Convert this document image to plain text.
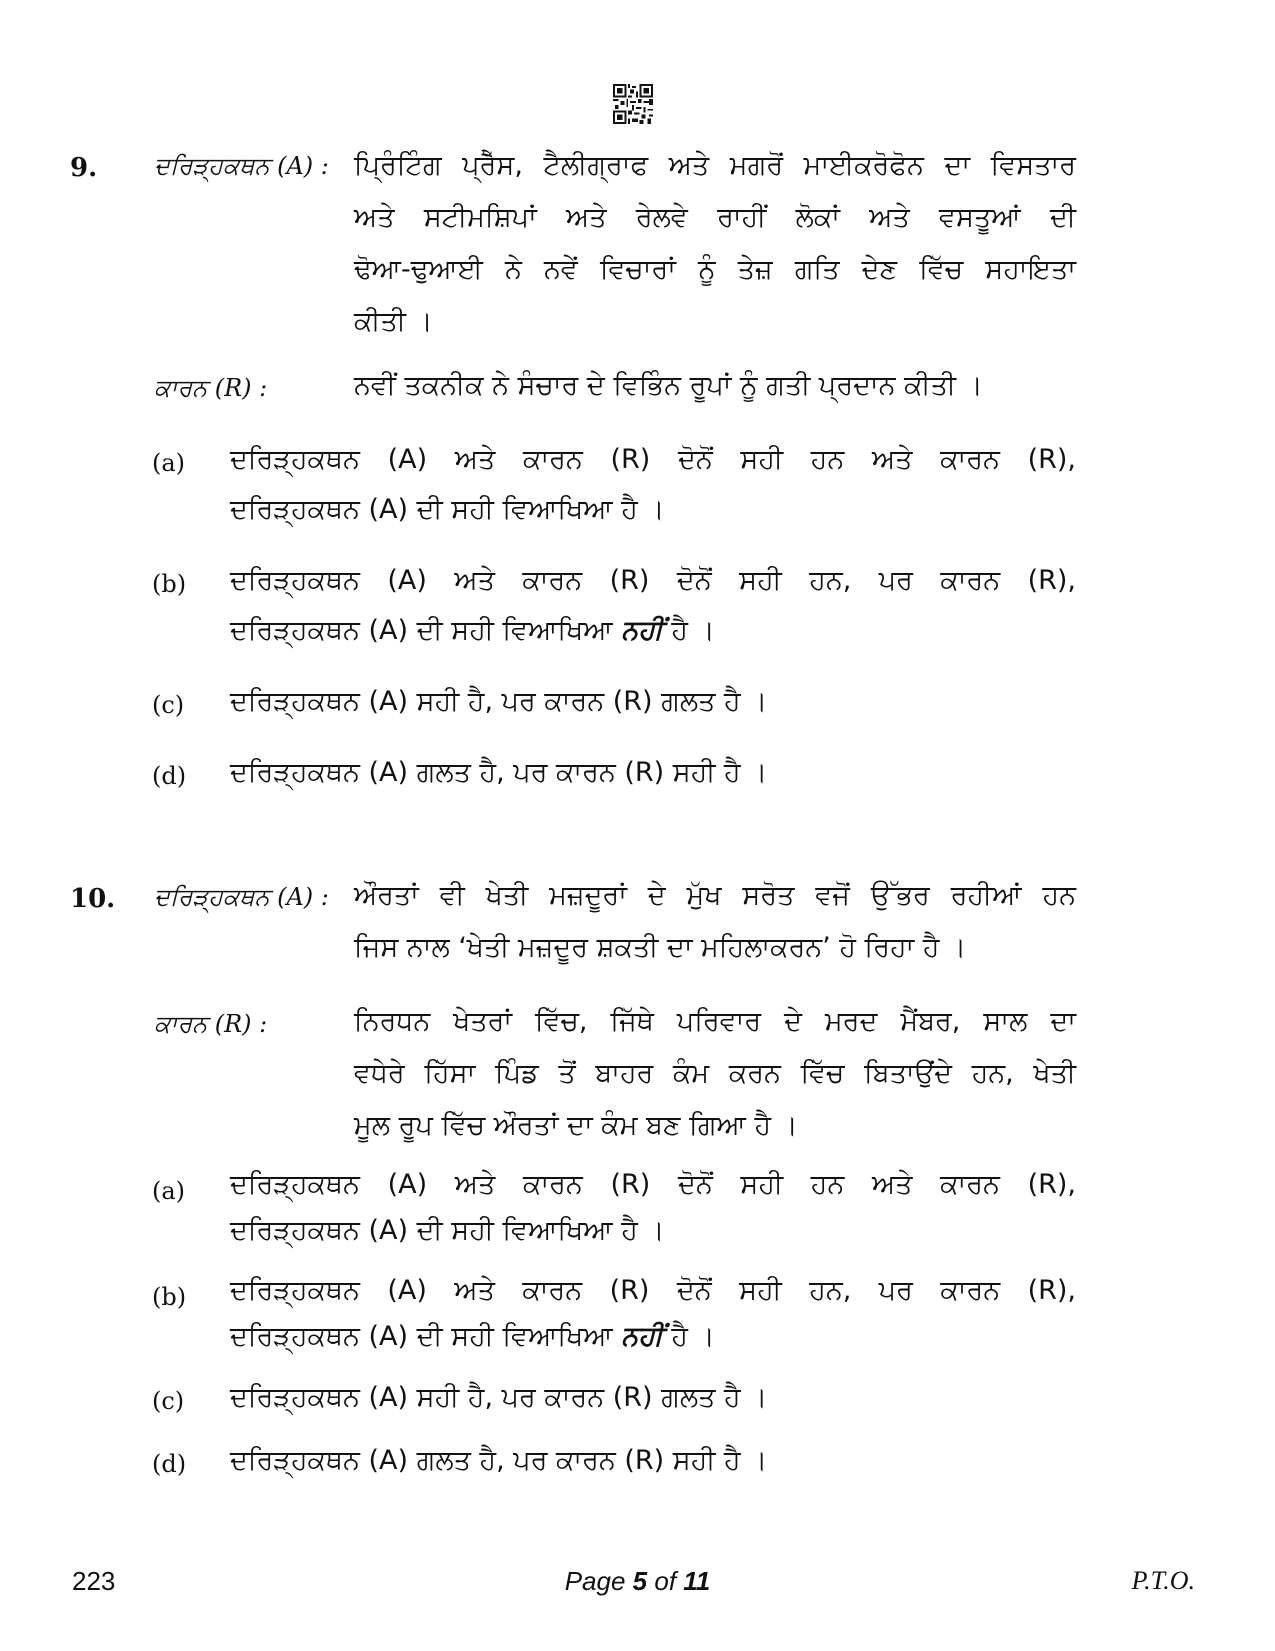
9. ਦਰਿੜ੍ਹਕਥਨ (A) : ਪ੍ਰਿੰਟਿੰਗ ਪ੍ਰੈੱਸ, ਟੈਲੀਗ੍ਰਾਫ ਅਤੇ ਮਗਰੋਂ ਮਾਈਕਰੋਫੋਨ ਦਾ ਵਿਸਤਾਰ
ਅਤੇ ਸਟੀਮਸ਼ਿਪਾਂ ਅਤੇ ਰੇਲਵੇ ਰਾਹੀਂ ਲੋਕਾਂ ਅਤੇ ਵਸਤੂਆਂ ਦੀ
ਢੋਆ-ਢੁਆਈ ਨੇ ਨਵੇਂ ਵਿਚਾਰਾਂ ਨੂੰ ਤੇਜ਼ ਗਤਿ ਦੇਣ ਵਿੱਚ ਸਹਾਇਤਾ
ਕੀਤੀ ।
ਕਾਰਨ (R) :	ਨਵੀਂ ਤਕਨੀਕ ਨੇ ਸੰਚਾਰ ਦੇ ਵਿਭਿੰਨ ਰੂਪਾਂ ਨੂੰ ਗਤੀ ਪ੍ਰਦਾਨ ਕੀਤੀ ।
(a) ਦਰਿੜ੍ਹਕਥਨ (A) ਅਤੇ ਕਾਰਨ (R) ਦੋਨੋਂ ਸਹੀ ਹਨ ਅਤੇ ਕਾਰਨ (R),
ਦਰਿੜ੍ਹਕਥਨ (A) ਦੀ ਸਹੀ ਵਿਆਖਿਆ ਹੈ ।
(b) ਦਰਿੜ੍ਹਕਥਨ (A) ਅਤੇ ਕਾਰਨ (R) ਦੋਨੋਂ ਸਹੀ ਹਨ, ਪਰ ਕਾਰਨ (R),
ਦਰਿੜ੍ਹਕਥਨ (A) ਦੀ ਸਹੀ ਵਿਆਖਿਆ ਨਹੀਂ ਹੈ ।
(c) ਦਰਿੜ੍ਹਕਥਨ (A) ਸਹੀ ਹੈ, ਪਰ ਕਾਰਨ (R) ਗਲਤ ਹੈ ।
(d) ਦਰਿੜ੍ਹਕਥਨ (A) ਗਲਤ ਹੈ, ਪਰ ਕਾਰਨ (R) ਸਹੀ ਹੈ ।
10. ਦਰਿੜ੍ਹਕਥਨ (A) : ਔਰਤਾਂ ਵੀ ਖੇਤੀ ਮਜ਼ਦੂਰਾਂ ਦੇ ਮੁੱਖ ਸਰੋਤ ਵਜੋਂ ਉੱਭਰ ਰਹੀਆਂ ਹਨ
ਜਿਸ ਨਾਲ ‘ਖੇਤੀ ਮਜ਼ਦੂਰ ਸ਼ਕਤੀ ਦਾ ਮਹਿਲਾਕਰਨ’ ਹੋ ਰਿਹਾ ਹੈ ।
ਕਾਰਨ (R) :	ਨਿਰਧਨ ਖੇਤਰਾਂ ਵਿੱਚ, ਜਿੱਥੇ ਪਰਿਵਾਰ ਦੇ ਮਰਦ ਮੈਂਬਰ, ਸਾਲ ਦਾ
ਵਧੇਰੇ ਹਿੱਸਾ ਪਿੰਡ ਤੋਂ ਬਾਹਰ ਕੰਮ ਕਰਨ ਵਿੱਚ ਬਿਤਾਉਂਦੇ ਹਨ, ਖੇਤੀ
ਮੂਲ ਰੂਪ ਵਿੱਚ ਔਰਤਾਂ ਦਾ ਕੰਮ ਬਣ ਗਿਆ ਹੈ ।
(a) ਦਰਿੜ੍ਹਕਥਨ (A) ਅਤੇ ਕਾਰਨ (R) ਦੋਨੋਂ ਸਹੀ ਹਨ ਅਤੇ ਕਾਰਨ (R),
ਦਰਿੜ੍ਹਕਥਨ (A) ਦੀ ਸਹੀ ਵਿਆਖਿਆ ਹੈ ।
(b) ਦਰਿੜ੍ਹਕਥਨ (A) ਅਤੇ ਕਾਰਨ (R) ਦੋਨੋਂ ਸਹੀ ਹਨ, ਪਰ ਕਾਰਨ (R),
ਦਰਿੜ੍ਹਕਥਨ (A) ਦੀ ਸਹੀ ਵਿਆਖਿਆ ਨਹੀਂ ਹੈ ।
(c) ਦਰਿੜ੍ਹਕਥਨ (A) ਸਹੀ ਹੈ, ਪਰ ਕਾਰਨ (R) ਗਲਤ ਹੈ ।
(d) ਦਰਿੜ੍ਹਕਥਨ (A) ਗਲਤ ਹੈ, ਪਰ ਕਾਰਨ (R) ਸਹੀ ਹੈ ।
223	Page 5 of 11	P.T.O.
